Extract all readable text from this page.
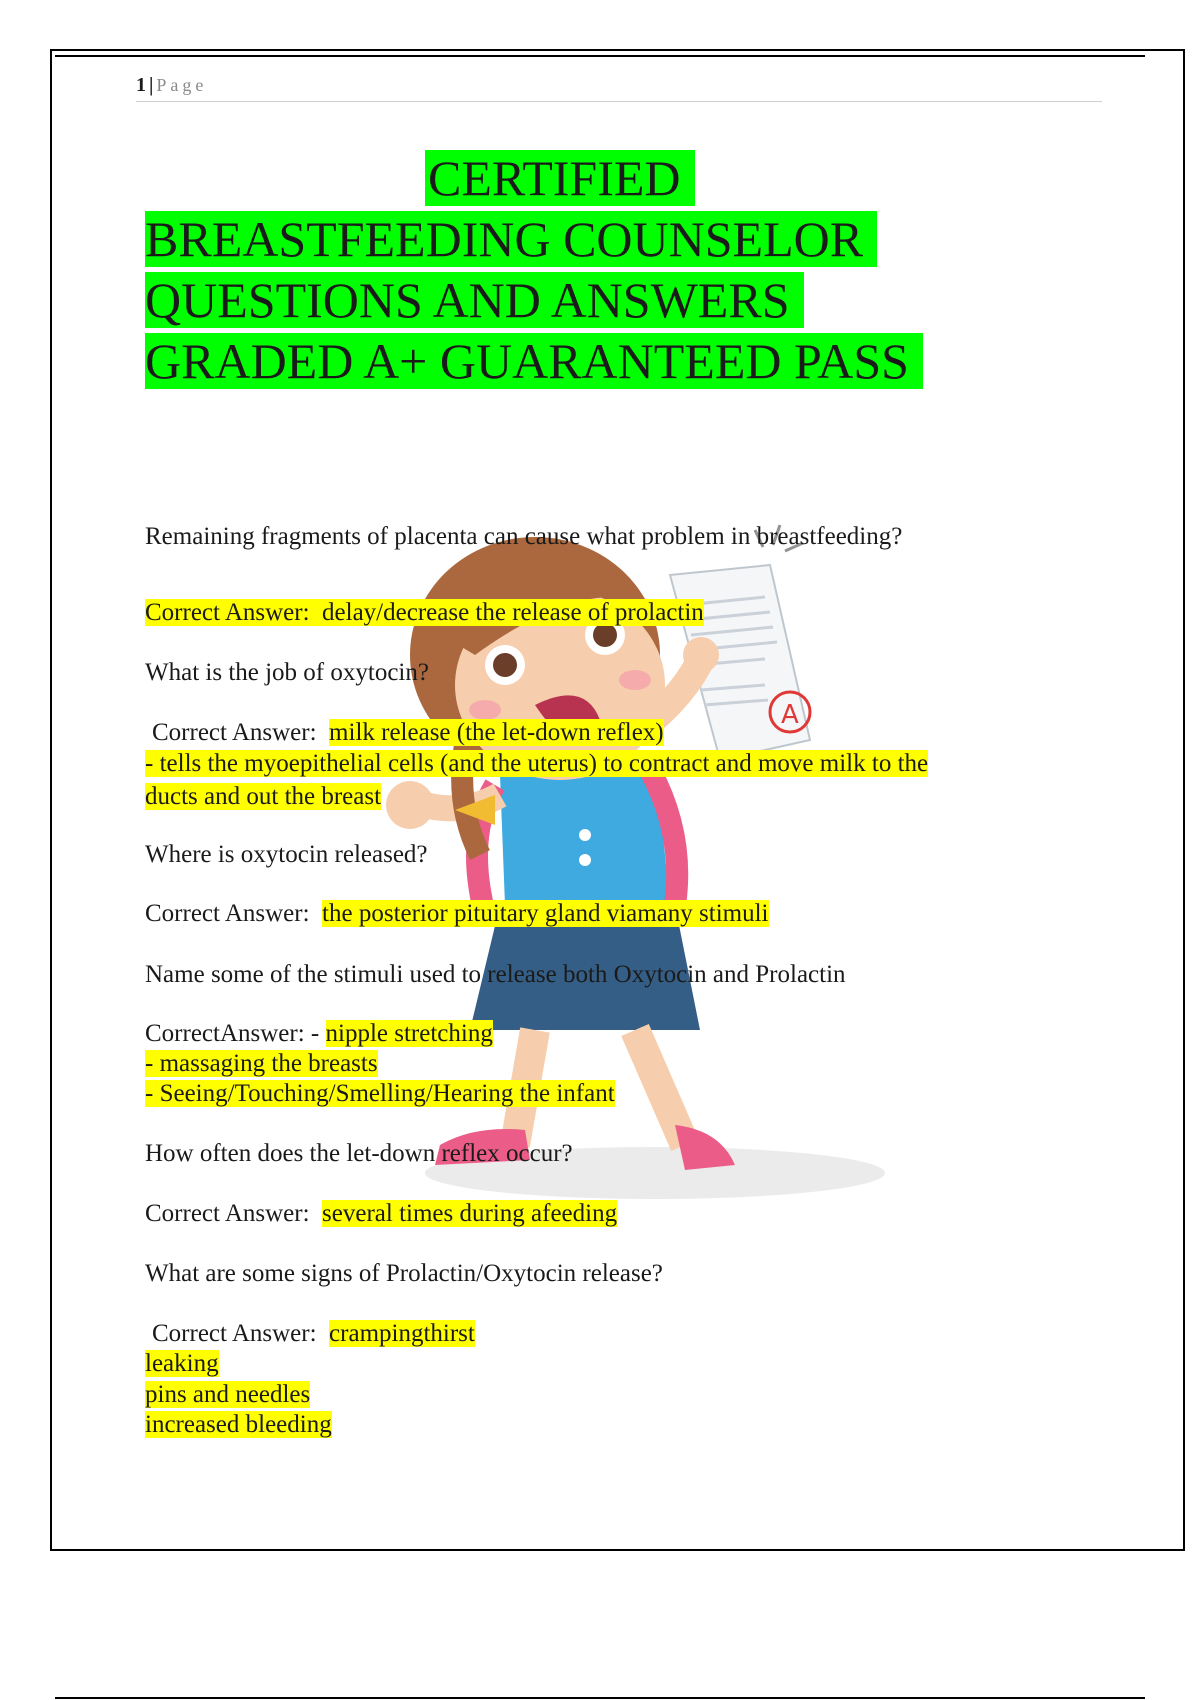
1 | Page
CERTIFIED
BREASTFEEDING COUNSELOR
QUESTIONS AND ANSWERS
GRADED A+ GUARANTEED PASS
A
Remaining fragments of placenta can cause what problem in breastfeeding?
Correct Answer: delay/decrease the release of prolactin
What is the job of oxytocin?
Correct Answer: milk release (the let-down reflex)
- tells the myoepithelial cells (and the uterus) to contract and move milk to the
ducts and out the breast
Where is oxytocin released?
Correct Answer: the posterior pituitary gland viamany stimuli
Name some of the stimuli used to release both Oxytocin and Prolactin
CorrectAnswer: - nipple stretching
- massaging the breasts
- Seeing/Touching/Smelling/Hearing the infant
How often does the let-down reflex occur?
Correct Answer: several times during afeeding
What are some signs of Prolactin/Oxytocin release?
Correct Answer: crampingthirst
leaking
pins and needles
increased bleeding
